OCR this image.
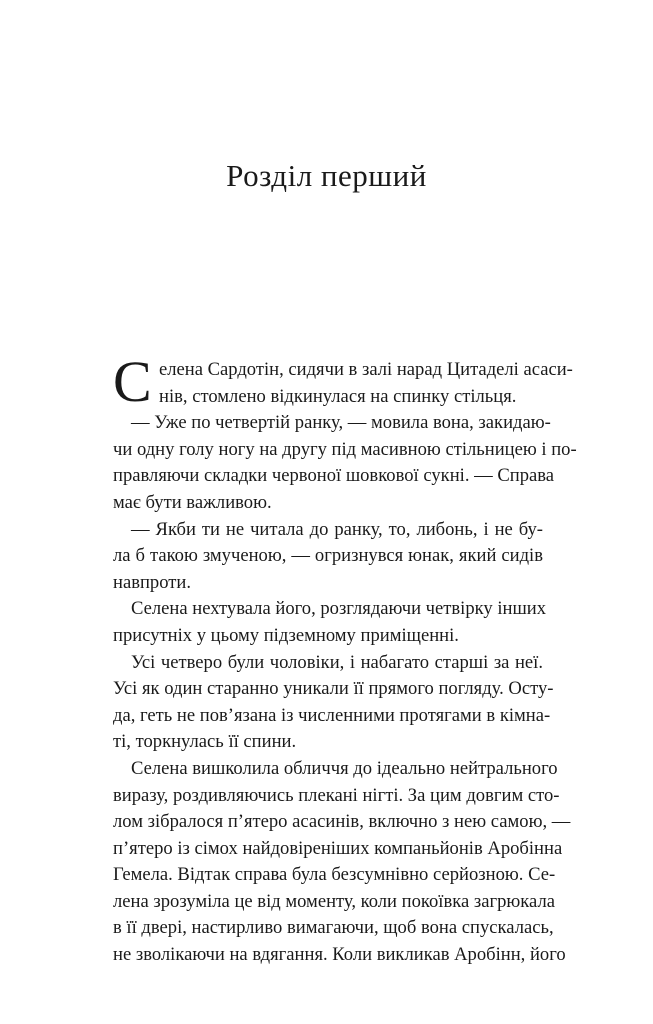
Розділ перший
С елена Сардотін, сидячи в залі нарад Цитаделі асаси-
нів, стомлено відкинулася на спинку стільця.
— Уже по четвертій ранку, — мовила вона, закидаю-
чи одну голу ногу на другу під масивною стільницею і по-
правляючи складки червоної шовкової сукні. — Справа
має бути важливою.
— Якби ти не читала до ранку, то, либонь, і не бу-
ла б такою змученою, — огризнувся юнак, який сидів
навпроти.
Селена нехтувала його, розглядаючи четвірку інших
присутніх у цьому підземному приміщенні.
Усі четверо були чоловіки, і набагато старші за неї.
Усі як один старанно уникали її прямого погляду. Осту-
да, геть не пов’язана із численними протягами в кімна-
ті, торкнулась її спини.
Селена вишколила обличчя до ідеально нейтрального
виразу, роздивляючись плекані нігті. За цим довгим сто-
лом зібралося п’ятеро асасинів, включно з нею самою, —
п’ятеро із сімох найдовіреніших компаньйонів Аробінна
Гемела. Відтак справа була безсумнівно серйозною. Се-
лена зрозуміла це від моменту, коли покоївка загрюкала
в її двері, настирливо вимагаючи, щоб вона спускалась,
не зволікаючи на вдягання. Коли викликав Аробінн, його
